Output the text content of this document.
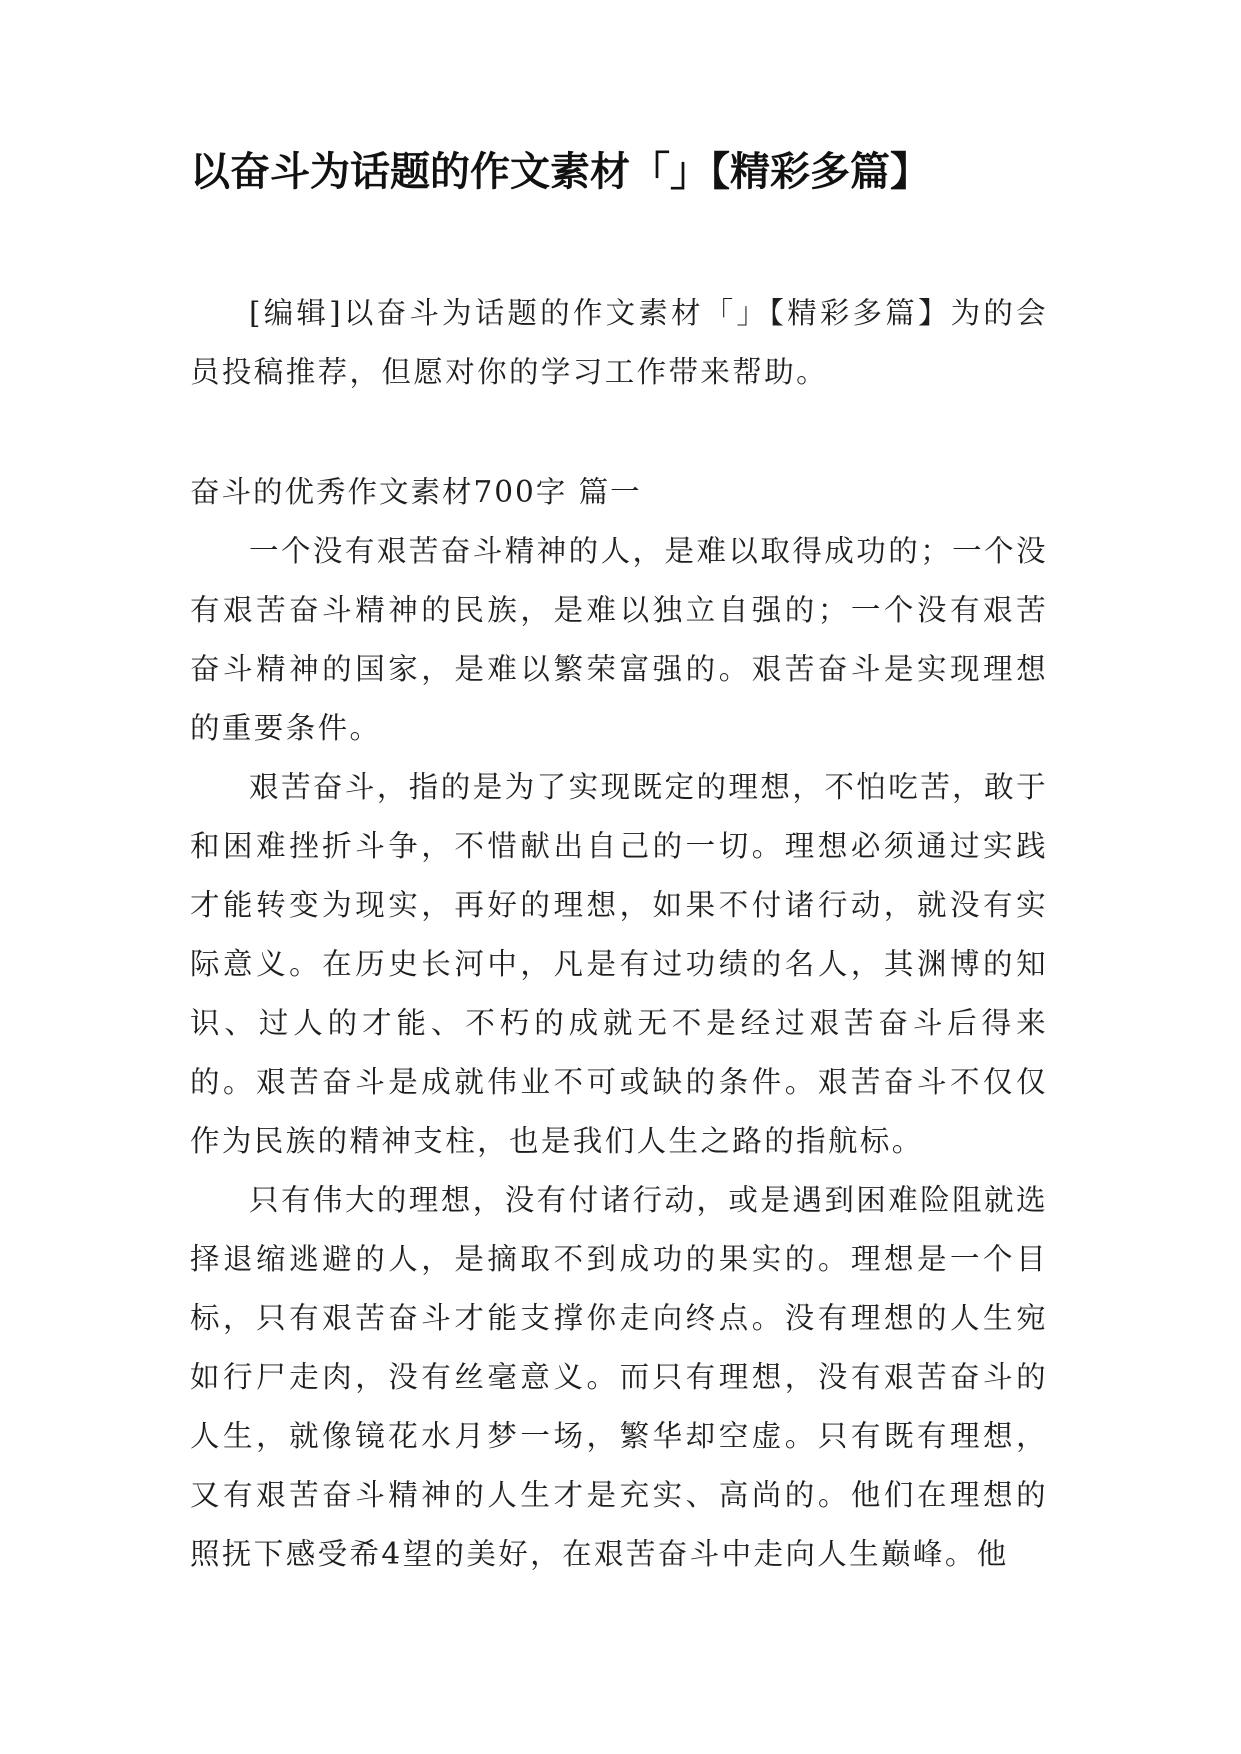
以奋斗为话题的作文素材「」【精彩多篇】

[编辑]以奋斗为话题的作文素材「」【精彩多篇】为的会员投稿推荐，但愿对你的学习工作带来帮助。

奋斗的优秀作文素材700字 篇一

一个没有艰苦奋斗精神的人，是难以取得成功的；一个没有艰苦奋斗精神的民族，是难以独立自强的；一个没有艰苦奋斗精神的国家，是难以繁荣富强的。艰苦奋斗是实现理想的重要条件。

艰苦奋斗，指的是为了实现既定的理想，不怕吃苦，敢于和困难挫折斗争，不惜献出自己的一切。理想必须通过实践才能转变为现实，再好的理想，如果不付诸行动，就没有实际意义。在历史长河中，凡是有过功绩的名人，其渊博的知识、过人的才能、不朽的成就无不是经过艰苦奋斗后得来的。艰苦奋斗是成就伟业不可或缺的条件。艰苦奋斗不仅仅作为民族的精神支柱，也是我们人生之路的指航标。

只有伟大的理想，没有付诸行动，或是遇到困难险阻就选择退缩逃避的人，是摘取不到成功的果实的。理想是一个目标，只有艰苦奋斗才能支撑你走向终点。没有理想的人生宛如行尸走肉，没有丝毫意义。而只有理想，没有艰苦奋斗的人生，就像镜花水月梦一场，繁华却空虚。只有既有理想，又有艰苦奋斗精神的人生才是充实、高尚的。他们在理想的照抚下感受希4望的美好，在艰苦奋斗中走向人生巅峰。他
